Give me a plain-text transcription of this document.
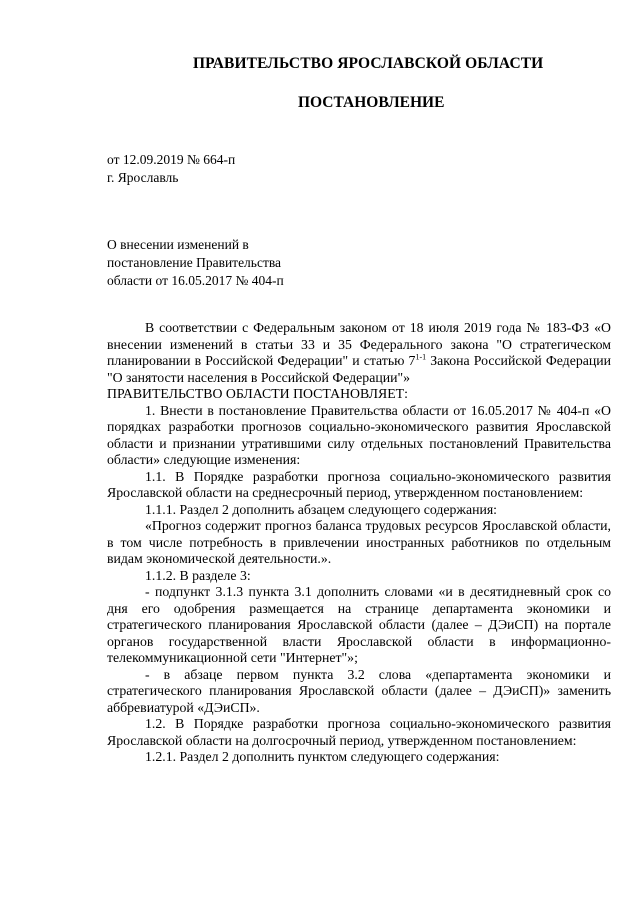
ПРАВИТЕЛЬСТВО ЯРОСЛАВСКОЙ ОБЛАСТИ
ПОСТАНОВЛЕНИЕ
от 12.09.2019 № 664-п
г. Ярославль
О внесении изменений в
постановление Правительства
области от 16.05.2017 № 404-п

В соответствии с Федеральным законом от 18 июля 2019 года № 183-ФЗ «О внесении изменений в статьи 33 и 35 Федерального закона "О стратегическом планировании в Российской Федерации" и статью 7$^{1-1}$ Закона Российской Федерации "О занятости населения в Российской Федерации"»

ПРАВИТЕЛЬСТВО ОБЛАСТИ ПОСТАНОВЛЯЕТ:

1. Внести в постановление Правительства области от 16.05.2017 № 404-п «О порядках разработки прогнозов социально-экономического развития Ярославской области и признании утратившими силу отдельных постановлений Правительства области» следующие изменения:

1.1. В Порядке разработки прогноза социально-экономического развития Ярославской области на среднесрочный период, утвержденном постановлением:

1.1.1. Раздел 2 дополнить абзацем следующего содержания:

«Прогноз содержит прогноз баланса трудовых ресурсов Ярославской области, в том числе потребность в привлечении иностранных работников по отдельным видам экономической деятельности.».

1.1.2. В разделе 3:

- подпункт 3.1.3 пункта 3.1 дополнить словами «и в десятидневный срок со дня его одобрения размещается на странице департамента экономики и стратегического планирования Ярославской области (далее – ДЭиСП) на портале органов государственной власти Ярославской области в информационно-телекоммуникационной сети "Интернет"»;

- в абзаце первом пункта 3.2 слова «департамента экономики и стратегического планирования Ярославской области (далее – ДЭиСП)» заменить аббревиатурой «ДЭиСП».

1.2. В Порядке разработки прогноза социально-экономического развития Ярославской области на долгосрочный период, утвержденном постановлением:

1.2.1. Раздел 2 дополнить пунктом следующего содержания:
